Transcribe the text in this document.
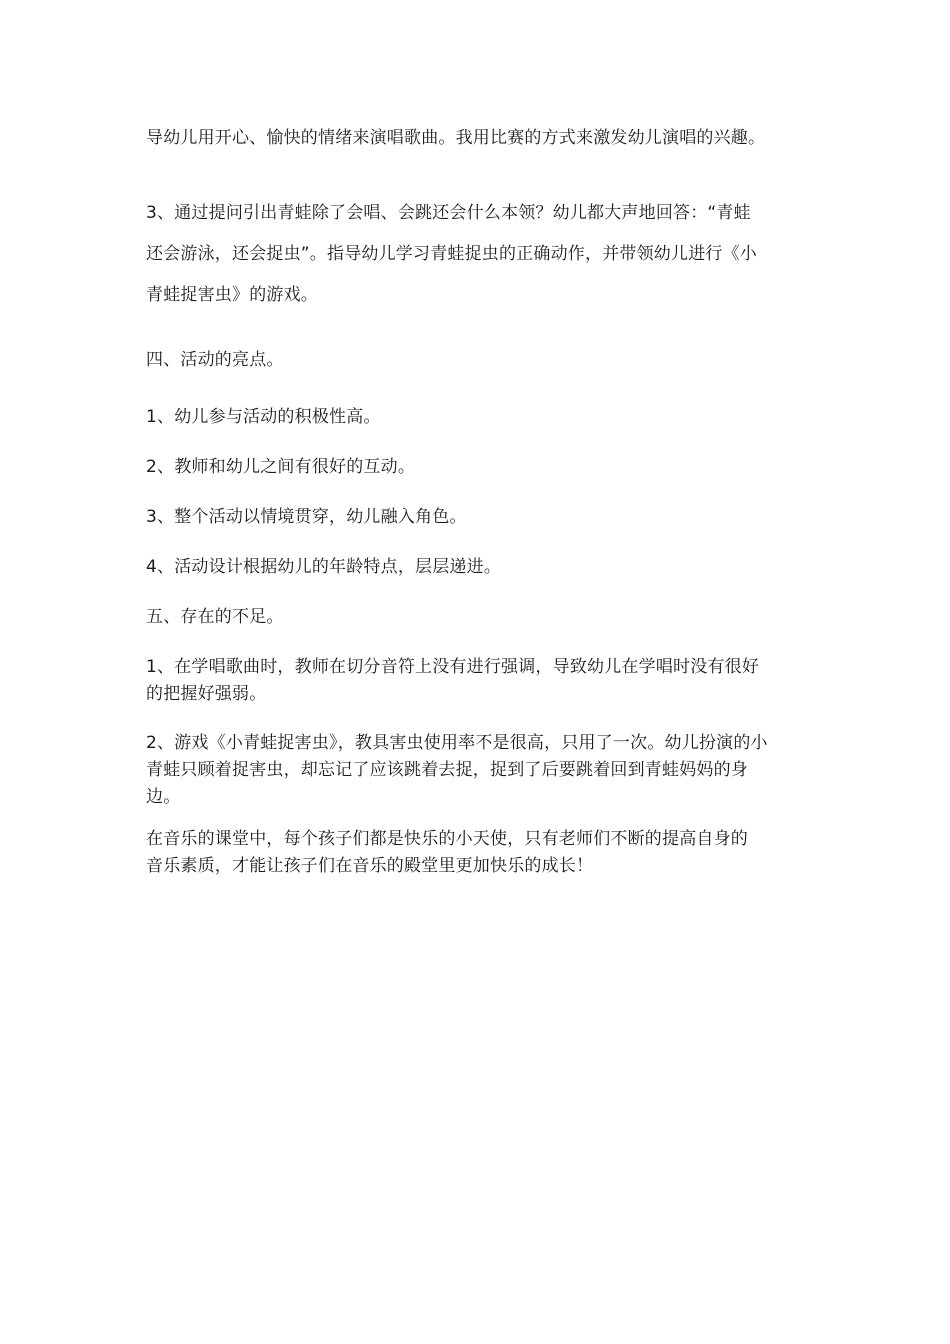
导幼儿用开心、愉快的情绪来演唱歌曲。我用比赛的方式来激发幼儿演唱的兴趣。

3、通过提问引出青蛙除了会唱、会跳还会什么本领？幼儿都大声地回答：“青蛙
还会游泳，还会捉虫”。指导幼儿学习青蛙捉虫的正确动作，并带领幼儿进行《小
青蛙捉害虫》的游戏。

四、活动的亮点。

1、幼儿参与活动的积极性高。

2、教师和幼儿之间有很好的互动。

3、整个活动以情境贯穿，幼儿融入角色。

4、活动设计根据幼儿的年龄特点，层层递进。

五、存在的不足。

1、在学唱歌曲时，教师在切分音符上没有进行强调，导致幼儿在学唱时没有很好
的把握好强弱。

2、游戏《小青蛙捉害虫》，教具害虫使用率不是很高，只用了一次。幼儿扮演的小
青蛙只顾着捉害虫，却忘记了应该跳着去捉，捉到了后要跳着回到青蛙妈妈的身
边。

在音乐的课堂中，每个孩子们都是快乐的小天使，只有老师们不断的提高自身的
音乐素质，才能让孩子们在音乐的殿堂里更加快乐的成长！
